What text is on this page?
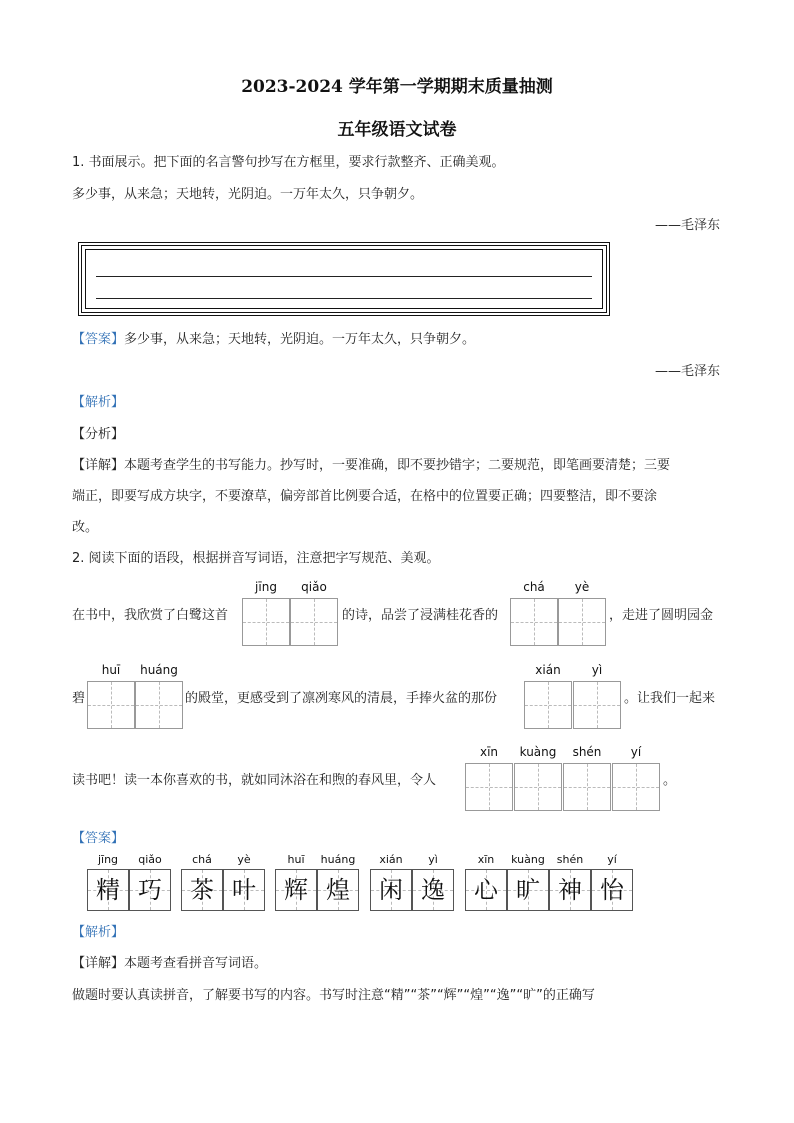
2023-2024 学年第一学期期末质量抽测
五年级语文试卷
1. 书面展示。把下面的名言警句抄写在方框里，要求行款整齐、正确美观。
多少事，从来急；天地转，光阴迫。一万年太久，只争朝夕。
——毛泽东
【答案】多少事，从来急；天地转，光阴迫。一万年太久，只争朝夕。
——毛泽东
【解析】
【分析】
【详解】本题考查学生的书写能力。抄写时，一要准确，即不要抄错字；二要规范，即笔画要清楚；三要
端正，即要写成方块字，不要潦草，偏旁部首比例要合适，在格中的位置要正确；四要整洁，即不要涂
改。
2. 阅读下面的语段，根据拼音写词语，注意把字写规范、美观。
在书中，我欣赏了白鹭这首
jīng	qiǎo
的诗，品尝了浸满桂花香的
chá	yè
，走进了圆明园金
碧
huī	huáng
的殿堂，更感受到了凛冽寒风的清晨，手捧火盆的那份
xián	yì
。让我们一起来
读书吧！读一本你喜欢的书，就如同沐浴在和煦的春风里，令人
xīn	kuàng	shén	yí
。
【答案】
jīng	qiǎo
精 巧
chá	yè
茶 叶
huī	huáng
辉 煌
xián	yì
闲 逸
xīn	kuàng	shén	yí
心 旷 神 怡
【解析】
【详解】本题考查看拼音写词语。
做题时要认真读拼音，了解要书写的内容。书写时注意“精”“茶”“辉”“煌”“逸”“旷”的正确写
